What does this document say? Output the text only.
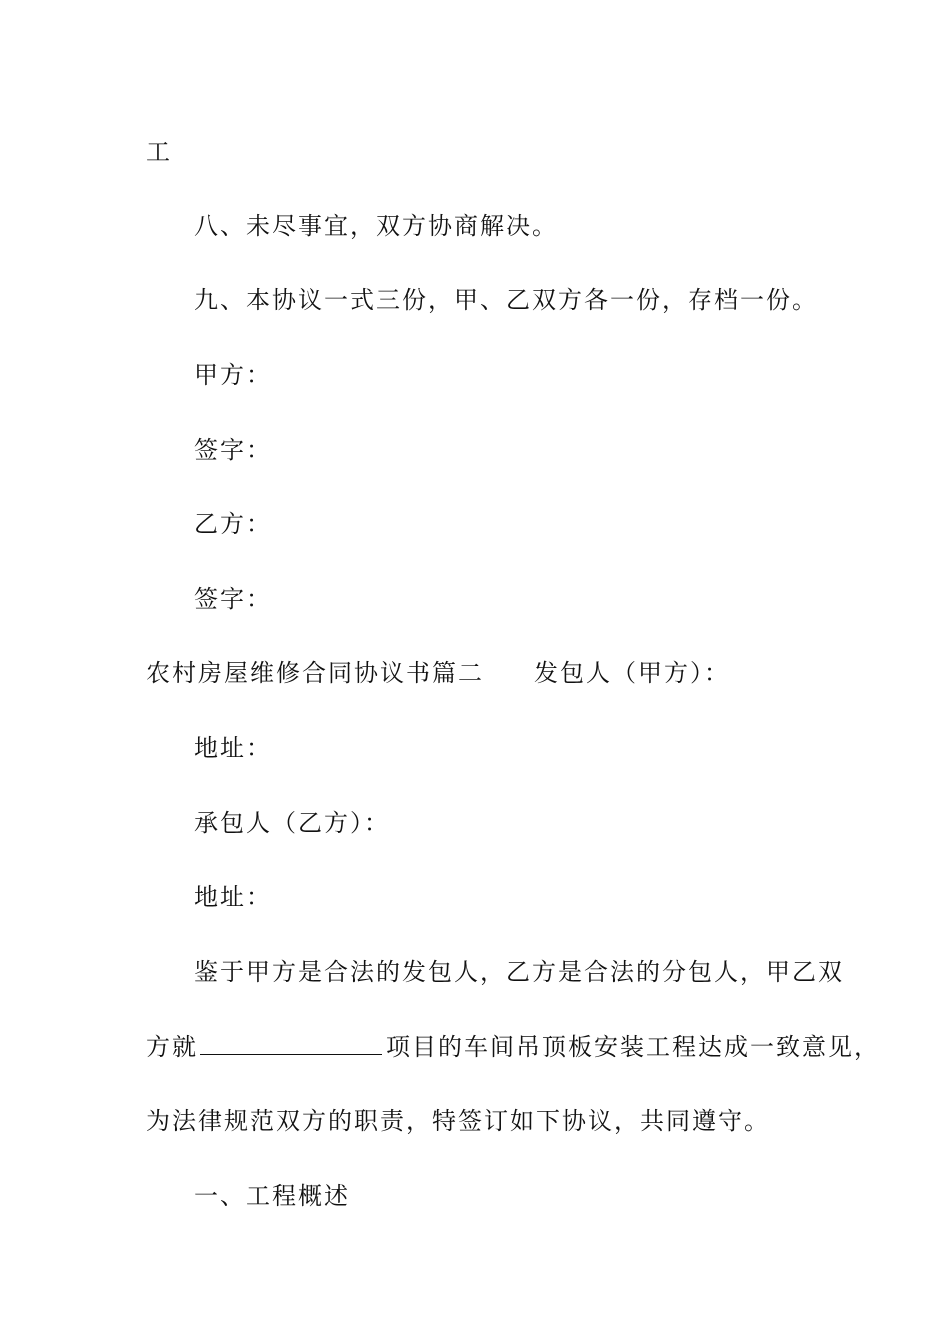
工
八、未尽事宜，双方协商解决。
九、本协议一式三份，甲、乙双方各一份，存档一份。
甲方：
签字：
乙方：
签字：
农村房屋维修合同协议书篇二 发包人（甲方）：
地址：
承包人（乙方）：
地址：
鉴于甲方是合法的发包人，乙方是合法的分包人，甲乙双
方就	项目的车间吊顶板安装工程达成一致意见，
为法律规范双方的职责，特签订如下协议，共同遵守。
一、工程概述
